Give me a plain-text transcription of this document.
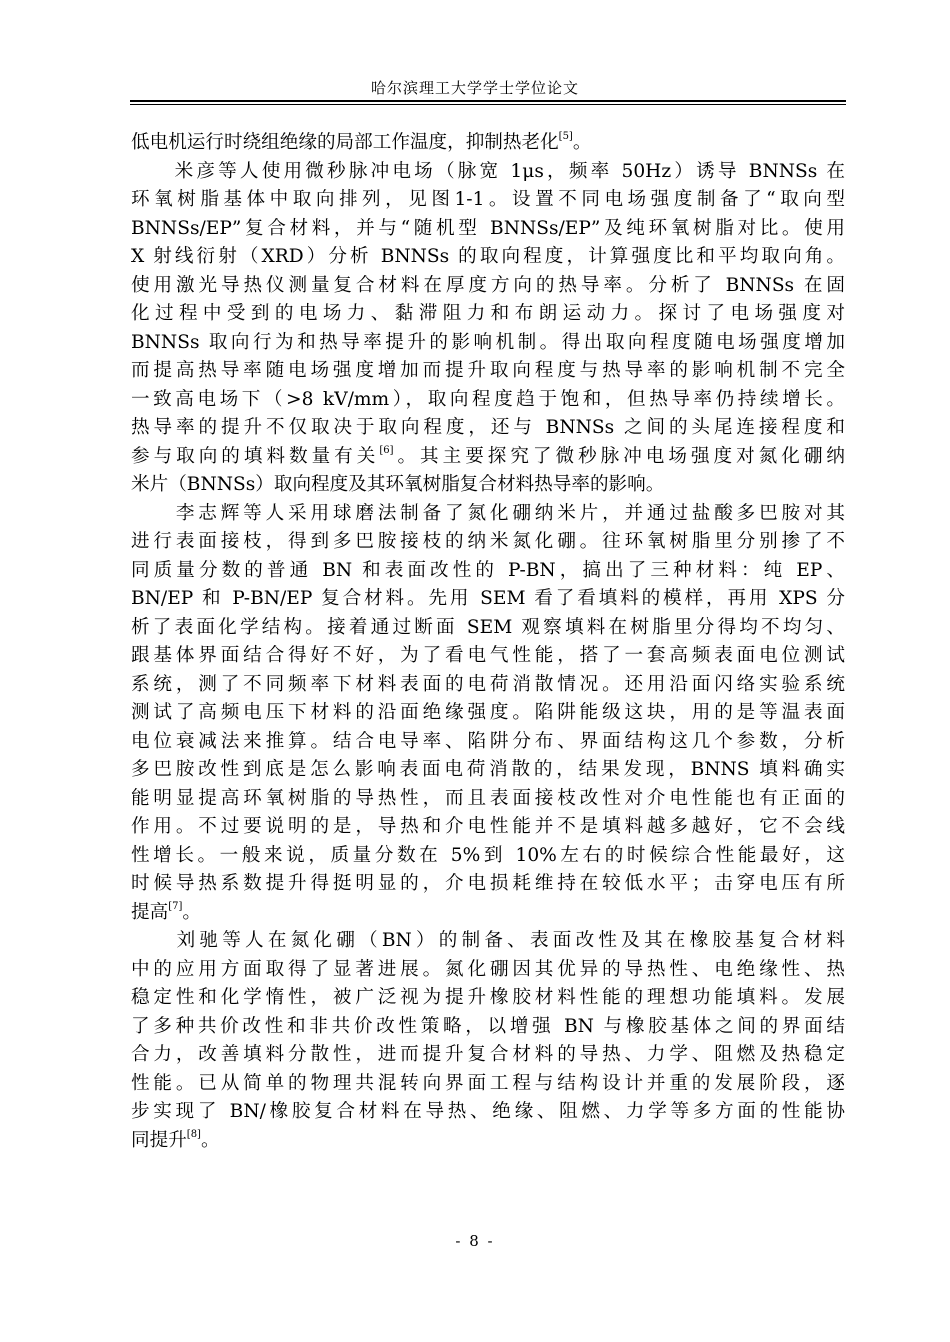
哈尔滨理工大学学士学位论文
低电机运行时绕组绝缘的局部工作温度，抑制热老化[5]。
　　米彦等人使用微秒脉冲电场（脉宽 1μs，频率 50Hz）诱导 BNNSs 在
环氧树脂基体中取向排列，见图1-1。设置不同电场强度制备了“取向型
BNNSs/EP”复合材料，并与“随机型 BNNSs/EP”及纯环氧树脂对比。使用
X 射线衍射（XRD）分析 BNNSs 的取向程度，计算强度比和平均取向角。
使用激光导热仪测量复合材料在厚度方向的热导率。分析了 BNNSs 在固
化过程中受到的电场力、黏滞阻力和布朗运动力。探讨了电场强度对
BNNSs 取向行为和热导率提升的影响机制。得出取向程度随电场强度增加
而提高热导率随电场强度增加而提升取向程度与热导率的影响机制不完全
一致高电场下（>8 kV/mm），取向程度趋于饱和，但热导率仍持续增长。
热导率的提升不仅取决于取向程度，还与 BNNSs 之间的头尾连接程度和
参与取向的填料数量有关[6]。其主要探究了微秒脉冲电场强度对氮化硼纳
米片（BNNSs）取向程度及其环氧树脂复合材料热导率的影响。
　　李志辉等人采用球磨法制备了氮化硼纳米片，并通过盐酸多巴胺对其
进行表面接枝，得到多巴胺接枝的纳米氮化硼。往环氧树脂里分别掺了不
同质量分数的普通 BN 和表面改性的 P-BN，搞出了三种材料：纯 EP、
BN/EP 和 P-BN/EP 复合材料。先用 SEM 看了看填料的模样，再用 XPS 分
析了表面化学结构。接着通过断面 SEM 观察填料在树脂里分得均不均匀、
跟基体界面结合得好不好，为了看电气性能，搭了一套高频表面电位测试
系统，测了不同频率下材料表面的电荷消散情况。还用沿面闪络实验系统
测试了高频电压下材料的沿面绝缘强度。陷阱能级这块，用的是等温表面
电位衰减法来推算。结合电导率、陷阱分布、界面结构这几个参数，分析
多巴胺改性到底是怎么影响表面电荷消散的，结果发现，BNNS 填料确实
能明显提高环氧树脂的导热性，而且表面接枝改性对介电性能也有正面的
作用。不过要说明的是，导热和介电性能并不是填料越多越好，它不会线
性增长。一般来说，质量分数在 5%到 10%左右的时候综合性能最好，这
时候导热系数提升得挺明显的，介电损耗维持在较低水平；击穿电压有所
提高[7]。
　　刘驰等人在氮化硼（BN）的制备、表面改性及其在橡胶基复合材料
中的应用方面取得了显著进展。氮化硼因其优异的导热性、电绝缘性、热
稳定性和化学惰性，被广泛视为提升橡胶材料性能的理想功能填料。发展
了多种共价改性和非共价改性策略，以增强 BN 与橡胶基体之间的界面结
合力，改善填料分散性，进而提升复合材料的导热、力学、阻燃及热稳定
性能。已从简单的物理共混转向界面工程与结构设计并重的发展阶段，逐
步实现了 BN/橡胶复合材料在导热、绝缘、阻燃、力学等多方面的性能协
同提升[8]。
- 8 -
